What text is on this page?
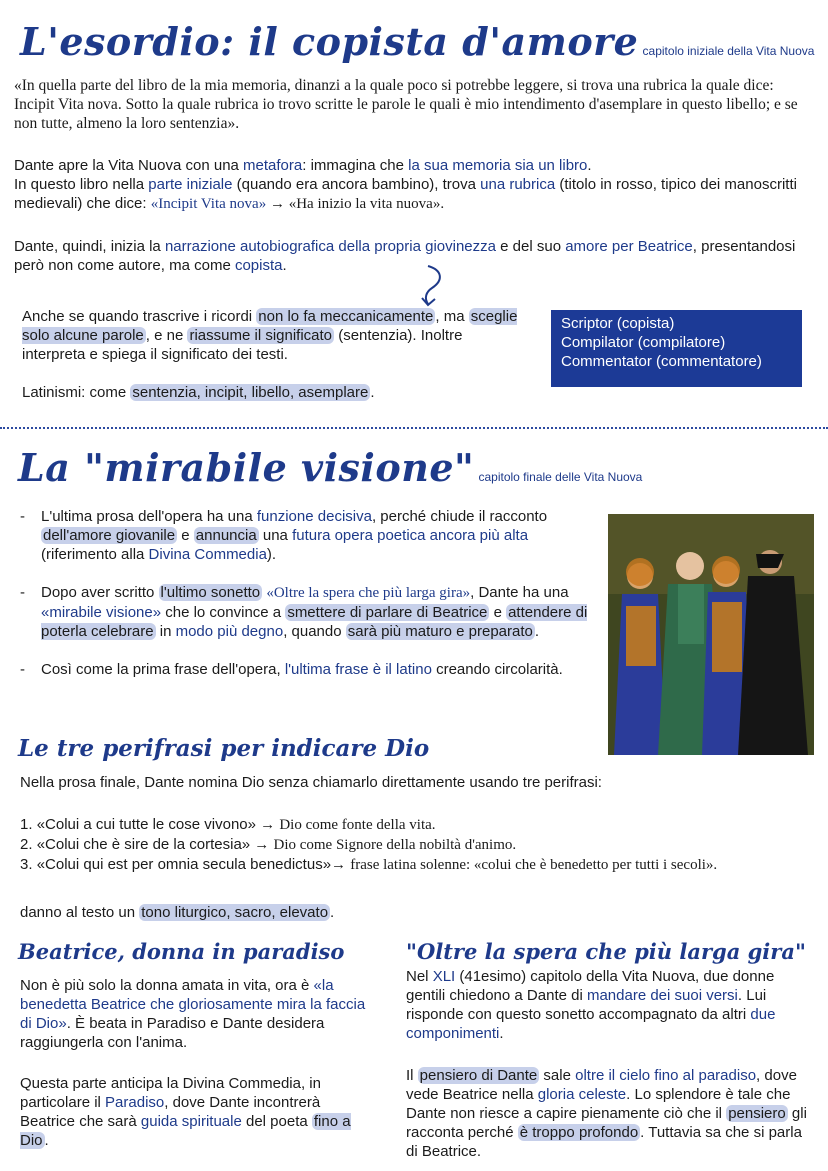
L'esordio: il copista d'amore capitolo iniziale della Vita Nuova

«In quella parte del libro de la mia memoria, dinanzi a la quale poco si potrebbe leggere, si trova una rubrica la quale dice: Incipit Vita nova. Sotto la quale rubrica io trovo scritte le parole le quali è mio intendimento d'asemplare in questo libello; e se non tutte, almeno la loro sentenzia».

Dante apre la Vita Nuova con una metafora: immagina che la sua memoria sia un libro.
In questo libro nella parte iniziale (quando era ancora bambino), trova una rubrica (titolo in rosso, tipico dei manoscritti medievali) che dice: «Incipit Vita nova» → «Ha inizio la vita nuova».

Dante, quindi, inizia la narrazione autobiografica della propria giovinezza e del suo amore per Beatrice, presentandosi però non come autore, ma come copista.

Anche se quando trascrive i ricordi non lo fa meccanicamente , ma sceglie solo alcune parole , e ne riassume il significato (sentenzia). Inoltre interpreta e spiega il significato dei testi.

Latinismi: come sentenzia, incipit, libello, asemplare .

Scriptor (copista)
Compilator (compilatore)
Commentator (commentatore)
La "mirabile visione" capitolo finale delle Vita Nuova
- L'ultima prosa dell'opera ha una funzione decisiva, perché chiude il racconto dell'amore giovanile e annuncia una futura opera poetica ancora più alta (riferimento alla Divina Commedia).
- Dopo aver scritto l'ultimo sonetto «Oltre la spera che più larga gira», Dante ha una «mirabile visione» che lo convince a smettere di parlare di Beatrice e attendere di poterla celebrare in modo più degno, quando sarà più maturo e preparato .
- Così come la prima frase dell'opera, l'ultima frase è il latino creando circolarità.
Le tre perifrasi per indicare Dio

Nella prosa finale, Dante nomina Dio senza chiamarlo direttamente usando tre perifrasi:

1. «Colui a cui tutte le cose vivono» → Dio come fonte della vita.
2. «Colui che è sire de la cortesia» → Dio come Signore della nobiltà d'animo.
3. «Colui qui est per omnia secula benedictus»→ frase latina solenne: «colui che è benedetto per tutti i secoli».

danno al testo un tono liturgico, sacro, elevato .

Beatrice, donna in paradiso

Non è più solo la donna amata in vita, ora è «la benedetta Beatrice che gloriosamente mira la faccia di Dio». È beata in Paradiso e Dante desidera raggiungerla con l'anima.

Questa parte anticipa la Divina Commedia, in particolare il Paradiso, dove Dante incontrerà Beatrice che sarà guida spirituale del poeta fino a Dio .

"Oltre la spera che più larga gira"

Nel XLI (41esimo) capitolo della Vita Nuova, due donne gentili chiedono a Dante di mandare dei suoi versi. Lui risponde con questo sonetto accompagnato da altri due componimenti.

Il pensiero di Dante sale oltre il cielo fino al paradiso, dove vede Beatrice nella gloria celeste. Lo splendore è tale che Dante non riesce a capire pienamente ciò che il pensiero gli racconta perché è troppo profondo . Tuttavia sa che si parla di Beatrice.
